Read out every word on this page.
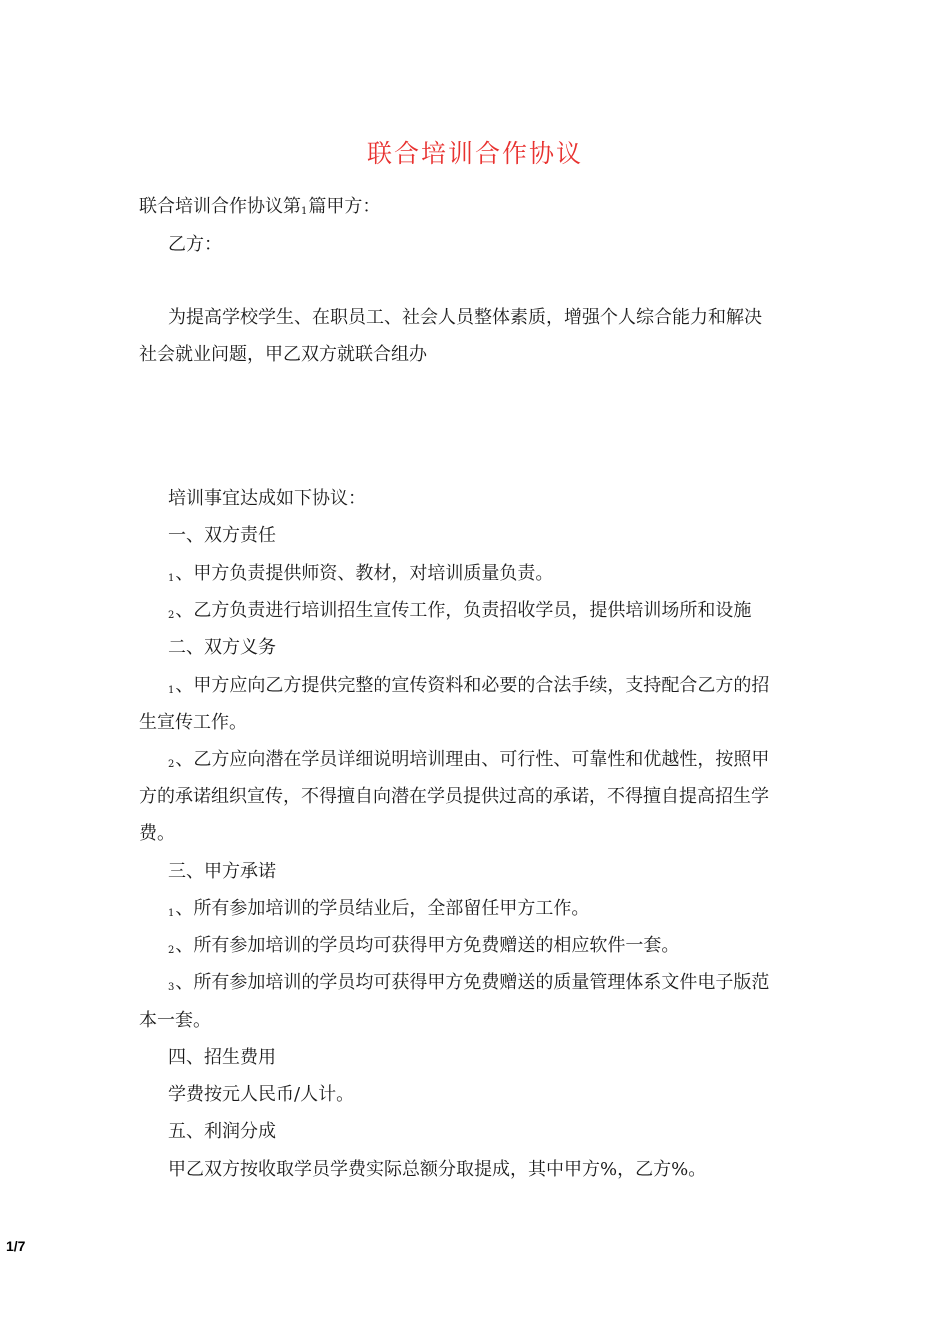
联合培训合作协议
联合培训合作协议第1篇甲方：
乙方：
为提高学校学生、在职员工、社会人员整体素质，增强个人综合能力和解决
社会就业问题，甲乙双方就联合组办
培训事宜达成如下协议：
一、双方责任
1、甲方负责提供师资、教材，对培训质量负责。
2、乙方负责进行培训招生宣传工作，负责招收学员，提供培训场所和设施
二、双方义务
1、甲方应向乙方提供完整的宣传资料和必要的合法手续，支持配合乙方的招
生宣传工作。
2、乙方应向潜在学员详细说明培训理由、可行性、可靠性和优越性，按照甲
方的承诺组织宣传，不得擅自向潜在学员提供过高的承诺，不得擅自提高招生学
费。
三、甲方承诺
1、所有参加培训的学员结业后，全部留任甲方工作。
2、所有参加培训的学员均可获得甲方免费赠送的相应软件一套。
3、所有参加培训的学员均可获得甲方免费赠送的质量管理体系文件电子版范
本一套。
四、招生费用
学费按元人民币/人计。
五、利润分成
甲乙双方按收取学员学费实际总额分取提成，其中甲方%，乙方%。
1/7
